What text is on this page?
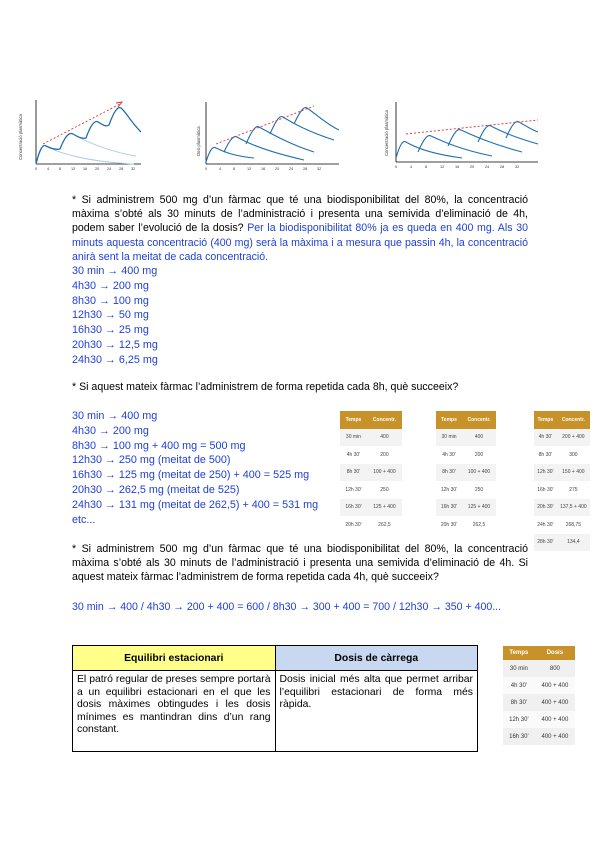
Concentració plasmàtica
0	4	8	12 16 20 24 28 32
Dosi plasmàtica
0	4	8	12	16	20	24	28	32
Concentració plasmàtica
0	4	8	12	16	20	24	28	32
* Si administrem 500 mg d’un fàrmac que té una biodisponibilitat del 80%, la concentració màxima s’obté als 30 minuts de l’administració i presenta una semivida d’eliminació de 4h, podem saber l’evolució de la dosis? Per la biodisponibilitat 80% ja es queda en 400 mg. Als 30 minuts aquesta concentració (400 mg) serà la màxima i a mesura que passin 4h, la concentració anirà sent la meitat de cada concentració.
30 min → 400 mg
4h30 → 200 mg
8h30 → 100 mg
12h30 → 50 mg
16h30 → 25 mg
20h30 → 12,5 mg
24h30 → 6,25 mg
* Si aquest mateix fàrmac l’administrem de forma repetida cada 8h, què succeeix?
30 min → 400 mg
4h30 → 200 mg
8h30 → 100 mg + 400 mg = 500 mg
12h30 → 250 mg (meitat de 500)
16h30 → 125 mg (meitat de 250) + 400 = 525 mg
20h30 → 262,5 mg (meitat de 525)
24h30 → 131 mg (meitat de 262,5) + 400 = 531 mg
etc...
Temps	Concentr.
30 min	400
4h 30'	200
8h 30'	100 + 400
12h 30'	250
16h 30'	125 + 400
20h 30'	262,5
Temps	Concentr.
30 min	400
4h 30'	200
8h 30'	100 + 400
12h 30'	250
16h 30'	125 + 400
20h 30'	262,5
Temps	Concentr.
4h 30'	200 + 400
8h 30'	300
12h 30'	150 + 400
16h 30'	275
20h 30'	137,5 + 400
24h 30'	268,75
28h 30'	134,4
* Si administrem 500 mg d’un fàrmac que té una biodisponibilitat del 80%, la concentració màxima s’obté als 30 minuts de l’administració i presenta una semivida d’eliminació de 4h. Si aquest mateix fàrmac l’administrem de forma repetida cada 4h, què succeeix?
30 min → 400 / 4h30 → 200 + 400 = 600 / 8h30 → 300 + 400 = 700 / 12h30 → 350 + 400...
Equilibri estacionari	Dosis de càrrega
El patró regular de preses sempre portarà a un equilibri estacionari en el que les dosis màximes obtingudes i les dosis mínimes es mantindran dins d’un rang constant.	Dosis inicial més alta que permet arribar l’equilibri estacionari de forma més ràpida.
Temps	Dosis
30 min	800
4h 30'	400 + 400
8h 30'	400 + 400
12h 30'	400 + 400
16h 30'	400 + 400
